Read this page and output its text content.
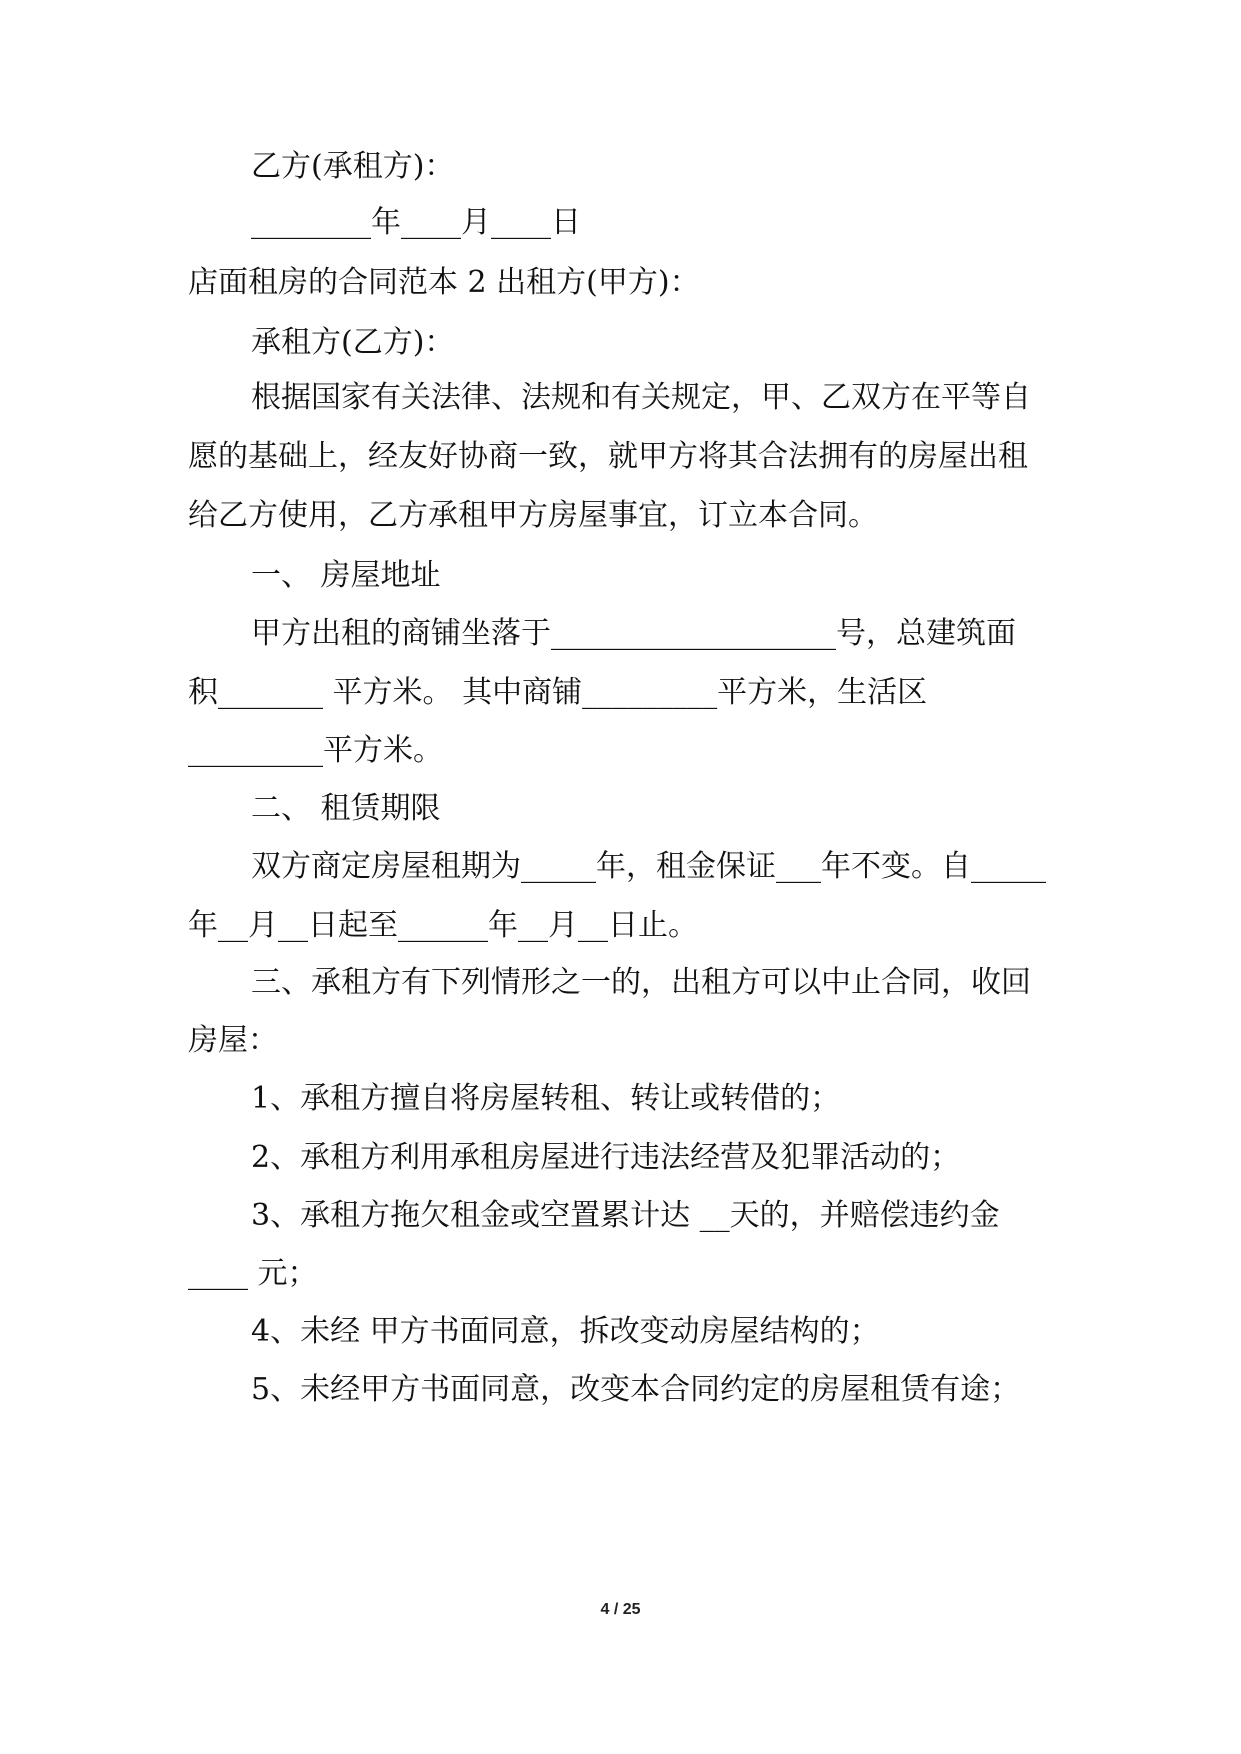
乙方(承租方)：
________年____月____日
店面租房的合同范本 2 出租方(甲方)：
承租方(乙方)：
根据国家有关法律、法规和有关规定，甲、乙双方在平等自
愿的基础上，经友好协商一致，就甲方将其合法拥有的房屋出租
给乙方使用，乙方承租甲方房屋事宜，订立本合同。
一、 房屋地址
甲方出租的商铺坐落于___________________号，总建筑面
积_______ 平方米。 其中商铺_________平方米，生活区
_________平方米。
二、 租赁期限
双方商定房屋租期为_____年，租金保证___年不变。自_____
年__月__日起至______年__月__日止。
三、承租方有下列情形之一的，出租方可以中止合同，收回
房屋：
1、承租方擅自将房屋转租、转让或转借的；
2、承租方利用承租房屋进行违法经营及犯罪活动的；
3、承租方拖欠租金或空置累计达 __天的，并赔偿违约金
____ 元；
4、未经 甲方书面同意，拆改变动房屋结构的；
5、未经甲方书面同意，改变本合同约定的房屋租赁有途；
4 / 25
